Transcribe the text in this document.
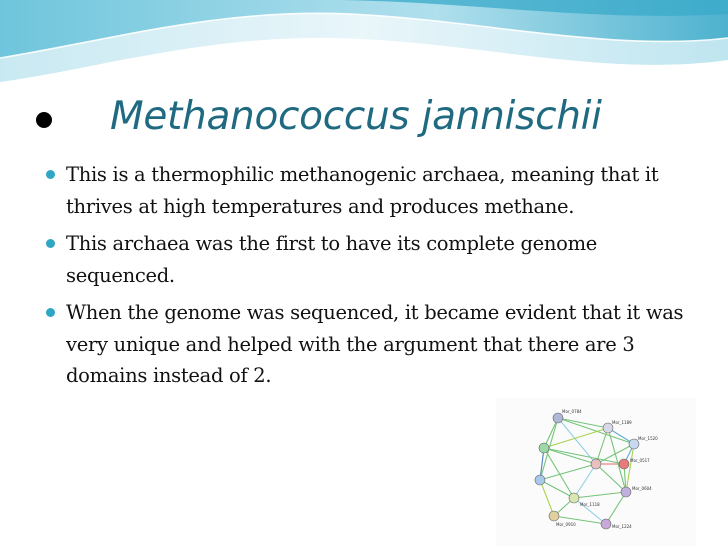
Methanococcus jannischii
This is a thermophilic methanogenic archaea, meaning that it thrives at high temperatures and produces methane.
This archaea was the first to have its complete genome sequenced.
When the genome was sequenced, it became evident that it was very unique and helped with the argument that there are 3 domains instead of 2.
Mor_0784
Mor_1189
Mor_1520
Mor_0517
Mor_0604
Mor_1224
Mor_1118
Mor_0910
